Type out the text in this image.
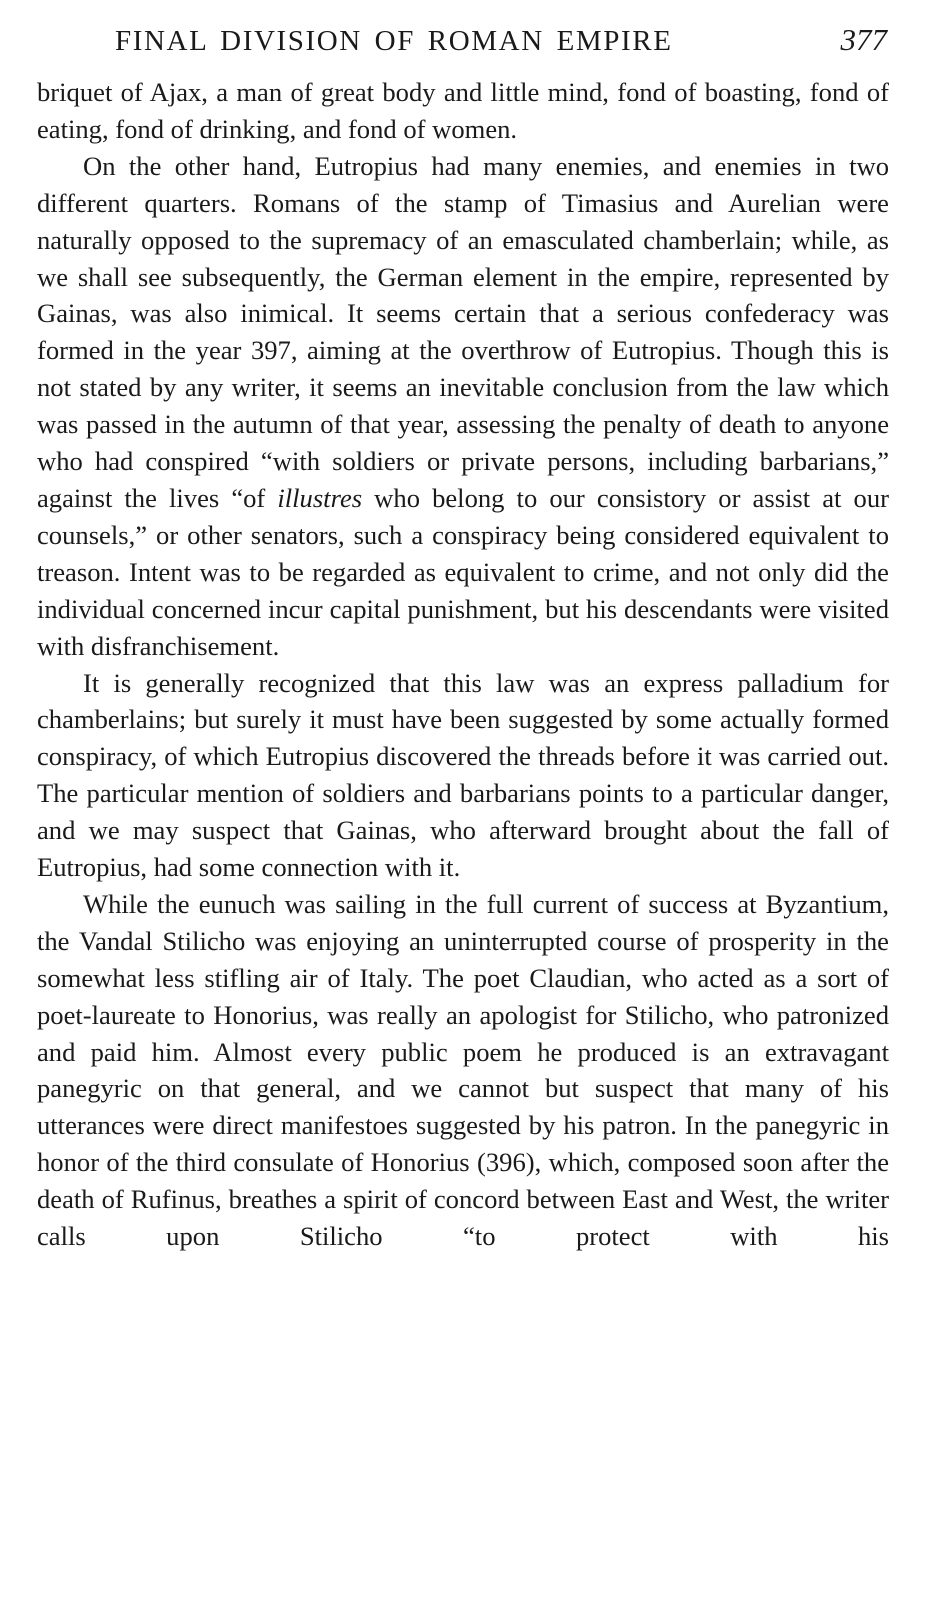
FINAL DIVISION OF ROMAN EMPIRE	377

briquet of Ajax, a man of great body and little mind, fond of boasting, fond of eating, fond of drinking, and fond of women.

On the other hand, Eutropius had many enemies, and enemies in two different quarters. Romans of the stamp of Timasius and Aurelian were naturally opposed to the supremacy of an emasculated chamberlain; while, as we shall see subsequently, the German element in the empire, represented by Gainas, was also inimical. It seems certain that a serious confederacy was formed in the year 397, aiming at the overthrow of Eutropius. Though this is not stated by any writer, it seems an inevitable conclusion from the law which was passed in the autumn of that year, assessing the penalty of death to anyone who had conspired “with soldiers or private persons, including barbarians,” against the lives “of illustres who belong to our consistory or assist at our counsels,” or other senators, such a conspiracy being considered equivalent to treason. Intent was to be regarded as equivalent to crime, and not only did the individual concerned incur capital punishment, but his descendants were visited with disfranchisement.

It is generally recognized that this law was an express palladium for chamberlains; but surely it must have been suggested by some actually formed conspiracy, of which Eutropius discovered the threads before it was carried out. The particular mention of soldiers and barbarians points to a particular danger, and we may suspect that Gainas, who afterward brought about the fall of Eutropius, had some connection with it.

While the eunuch was sailing in the full current of success at Byzantium, the Vandal Stilicho was enjoying an uninterrupted course of prosperity in the somewhat less stifling air of Italy. The poet Claudian, who acted as a sort of poet-laureate to Honorius, was really an apologist for Stilicho, who patronized and paid him. Almost every public poem he produced is an extravagant panegyric on that general, and we cannot but suspect that many of his utterances were direct manifestoes suggested by his patron. In the panegyric in honor of the third consulate of Honorius (396), which, composed soon after the death of Rufinus, breathes a spirit of concord between East and West, the writer calls upon Stilicho “to protect with his
